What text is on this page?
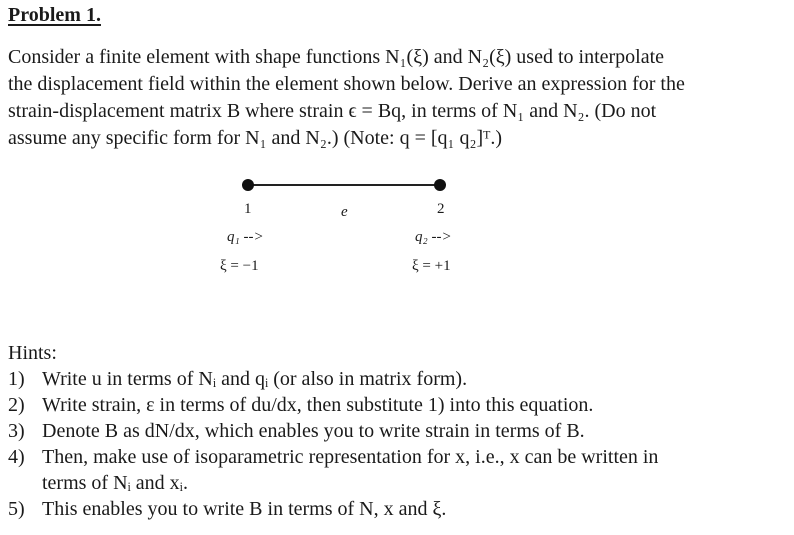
Problem 1.

Consider a finite element with shape functions N₁(ξ) and N₂(ξ) used to interpolate

the displacement field within the element shown below. Derive an expression for the

strain-displacement matrix B where strain ϵ = Bq, in terms of N₁ and N₂. (Do not

assume any specific form for N₁ and N₂.) (Note: q = [q₁ q₂]ᵀ.)

1	e	2
q₁ -->	q₂ -->
ξ = −1	ξ = +1

Hints:

1) Write u in terms of Nᵢ and qᵢ (or also in matrix form).

2) Write strain, ε in terms of du/dx, then substitute 1) into this equation.

3) Denote B as dN/dx, which enables you to write strain in terms of B.

4) Then, make use of isoparametric representation for x, i.e., x can be written in

terms of Nᵢ and xᵢ.

5) This enables you to write B in terms of N, x and ξ.
